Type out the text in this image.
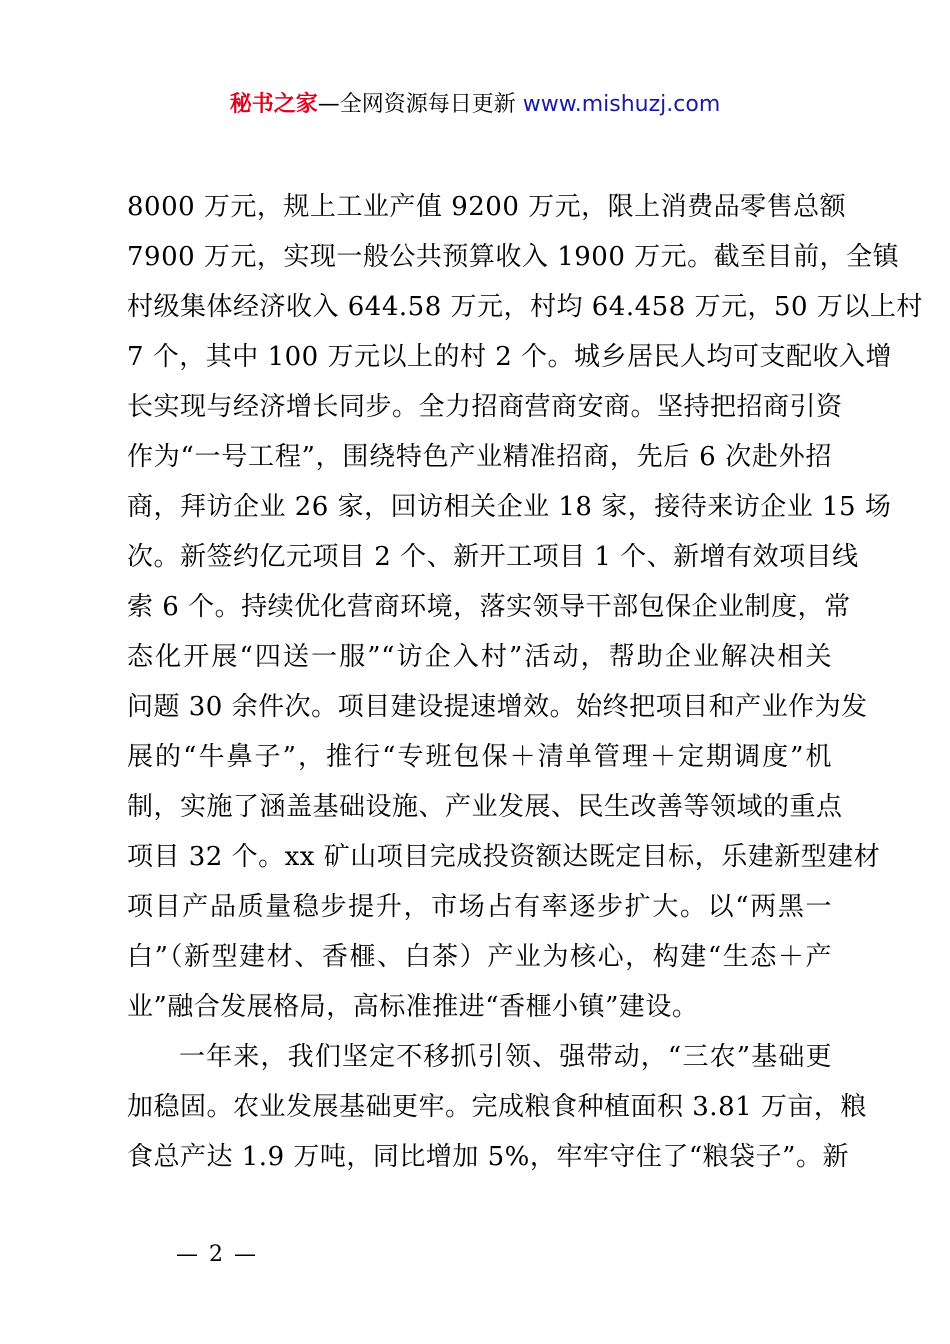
秘书之家—全网资源每日更新 www.mishuzj.com
8000 万元，规上工业产值 9200 万元，限上消费品零售总额
7900 万元，实现一般公共预算收入 1900 万元。截至目前，全镇
村级集体经济收入 644.58 万元，村均 64.458 万元，50 万以上村
7 个，其中 100 万元以上的村 2 个。城乡居民人均可支配收入增
长实现与经济增长同步。全力招商营商安商。坚持把招商引资
作为“一号工程”，围绕特色产业精准招商，先后 6 次赴外招
商，拜访企业 26 家，回访相关企业 18 家，接待来访企业 15 场
次。新签约亿元项目 2 个、新开工项目 1 个、新增有效项目线
索 6 个。持续优化营商环境，落实领导干部包保企业制度，常
态化开展“四送一服”“访企入村”活动，帮助企业解决相关
问题 30 余件次。项目建设提速增效。始终把项目和产业作为发
展的“牛鼻子”，推行“专班包保＋清单管理＋定期调度”机
制，实施了涵盖基础设施、产业发展、民生改善等领域的重点
项目 32 个。xx 矿山项目完成投资额达既定目标，乐建新型建材
项目产品质量稳步提升，市场占有率逐步扩大。以“两黑一
白”（新型建材、香榧、白茶）产业为核心，构建“生态＋产
业”融合发展格局，高标准推进“香榧小镇”建设。
一年来，我们坚定不移抓引领、强带动，“三农”基础更
加稳固。农业发展基础更牢。完成粮食种植面积 3.81 万亩，粮
食总产达 1.9 万吨，同比增加 5%，牢牢守住了“粮袋子”。新
— 2 —
